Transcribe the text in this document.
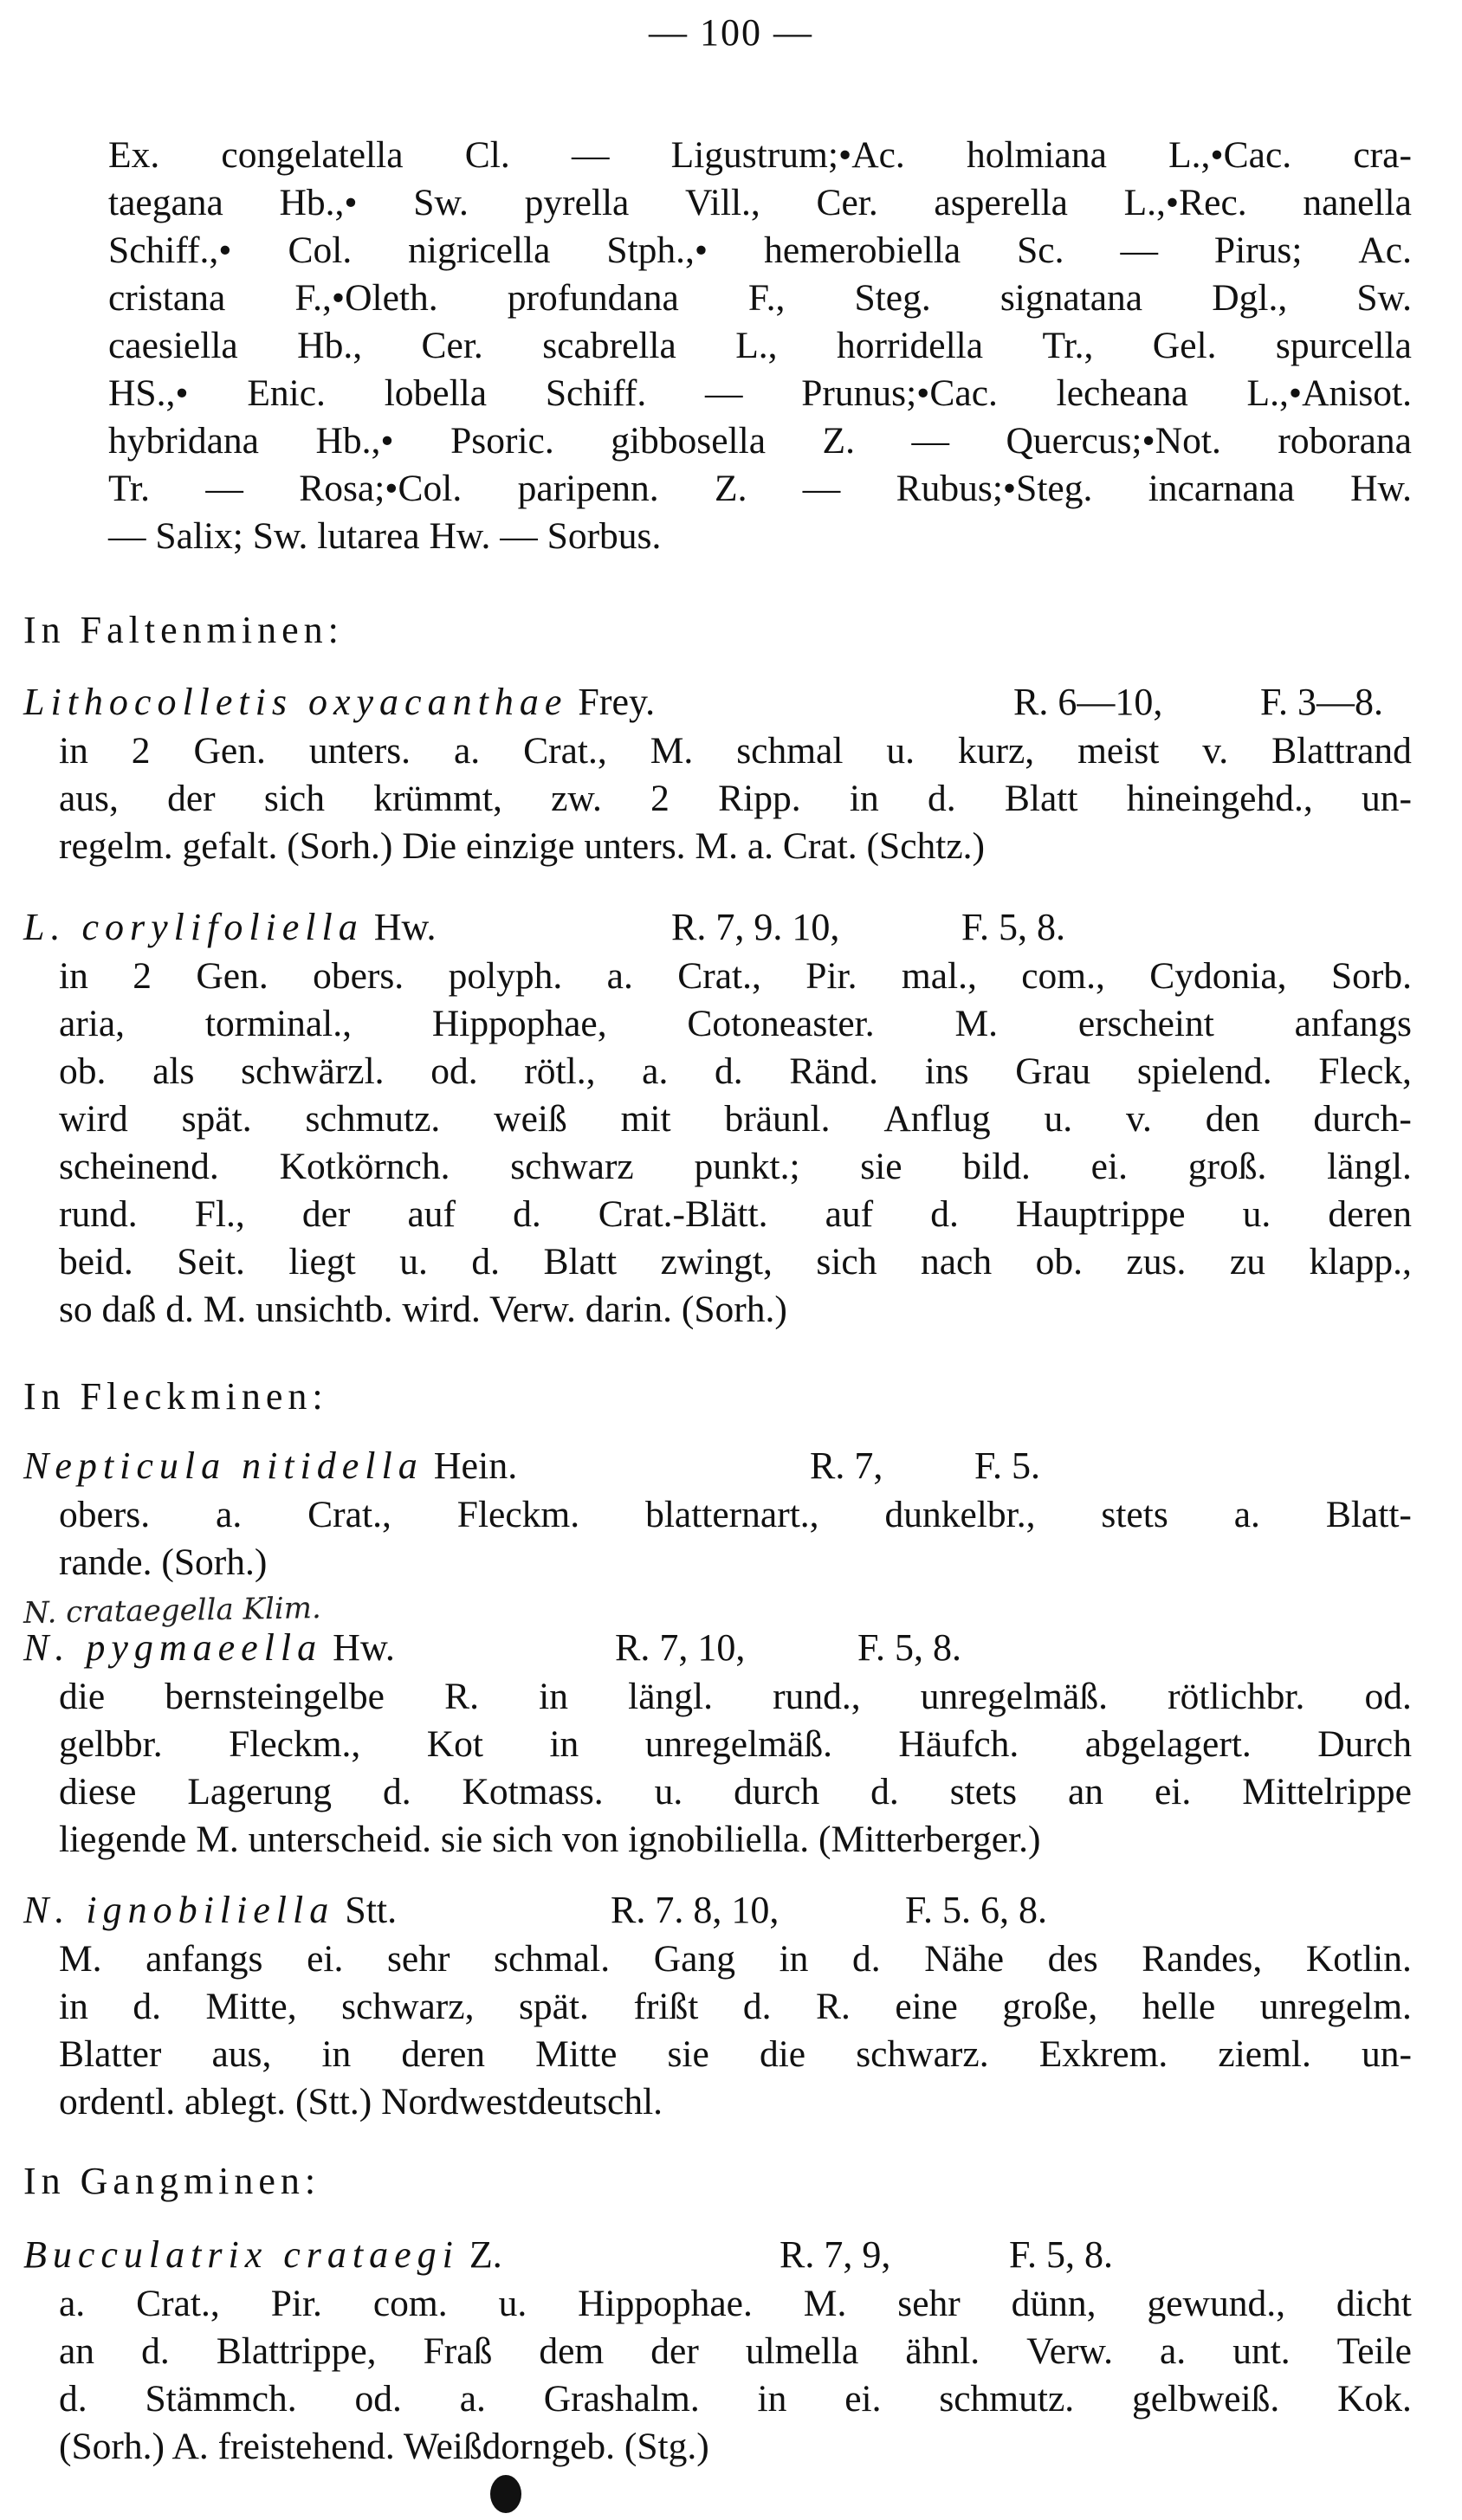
— 100 —
Ex. congelatella Cl. — Ligustrum;•Ac. holmiana L.,•Cac. cra-
taegana Hb.,• Sw. pyrella Vill., Cer. asperella L.,•Rec. nanella
Schiff.,• Col. nigricella Stph.,• hemerobiella Sc. — Pirus; Ac.
cristana F.,•Oleth. profundana F., Steg. signatana Dgl., Sw.
caesiella Hb., Cer. scabrella L., horridella Tr., Gel. spurcella
HS.,• Enic. lobella Schiff. — Prunus;•Cac. lecheana L.,•Anisot.
hybridana Hb.,• Psoric. gibbosella Z. — Quercus;•Not. roborana
Tr. — Rosa;•Col. paripenn. Z. — Rubus;•Steg. incarnana Hw.
— Salix; Sw. lutarea Hw. — Sorbus.
In Faltenminen:
Lithocolletis oxyacanthae Frey.	R. 6—10,	F. 3—8.
in 2 Gen. unters. a. Crat., M. schmal u. kurz, meist v. Blattrand
aus, der sich krümmt, zw. 2 Ripp. in d. Blatt hineingehd., un-
regelm. gefalt. (Sorh.) Die einzige unters. M. a. Crat. (Schtz.)
L. corylifoliella Hw.	R. 7, 9. 10,	F. 5, 8.
in 2 Gen. obers. polyph. a. Crat., Pir. mal., com., Cydonia, Sorb.
aria, torminal., Hippophae, Cotoneaster. M. erscheint anfangs
ob. als schwärzl. od. rötl., a. d. Ränd. ins Grau spielend. Fleck,
wird spät. schmutz. weiß mit bräunl. Anflug u. v. den durch-
scheinend. Kotkörnch. schwarz punkt.; sie bild. ei. groß. längl.
rund. Fl., der auf d. Crat.-Blätt. auf d. Hauptrippe u. deren
beid. Seit. liegt u. d. Blatt zwingt, sich nach ob. zus. zu klapp.,
so daß d. M. unsichtb. wird. Verw. darin. (Sorh.)
In Fleckminen:
Nepticula nitidella Hein.	R. 7, F. 5.
obers. a. Crat., Fleckm. blatternart., dunkelbr., stets a. Blatt-
rande. (Sorh.)
N. crataegella Klim.
N. pygmaeella Hw.	R. 7, 10,	F. 5, 8.
die bernsteingelbe R. in längl. rund., unregelmäß. rötlichbr. od.
gelbbr. Fleckm., Kot in unregelmäß. Häufch. abgelagert. Durch
diese Lagerung d. Kotmass. u. durch d. stets an ei. Mittelrippe
liegende M. unterscheid. sie sich von ignobiliella. (Mitterberger.)
N. ignobiliella Stt.	R. 7. 8, 10,	F. 5. 6, 8.
M. anfangs ei. sehr schmal. Gang in d. Nähe des Randes, Kotlin.
in d. Mitte, schwarz, spät. frißt d. R. eine große, helle unregelm.
Blatter aus, in deren Mitte sie die schwarz. Exkrem. zieml. un-
ordentl. ablegt. (Stt.) Nordwestdeutschl.
In Gangminen:
Bucculatrix crataegi Z.	R. 7, 9,	F. 5, 8.
a. Crat., Pir. com. u. Hippophae. M. sehr dünn, gewund., dicht
an d. Blattrippe, Fraß dem der ulmella ähnl. Verw. a. unt. Teile
d. Stämmch. od. a. Grashalm. in ei. schmutz. gelbweiß. Kok.
(Sorh.) A. freistehend. Weißdorngeb. (Stg.)
